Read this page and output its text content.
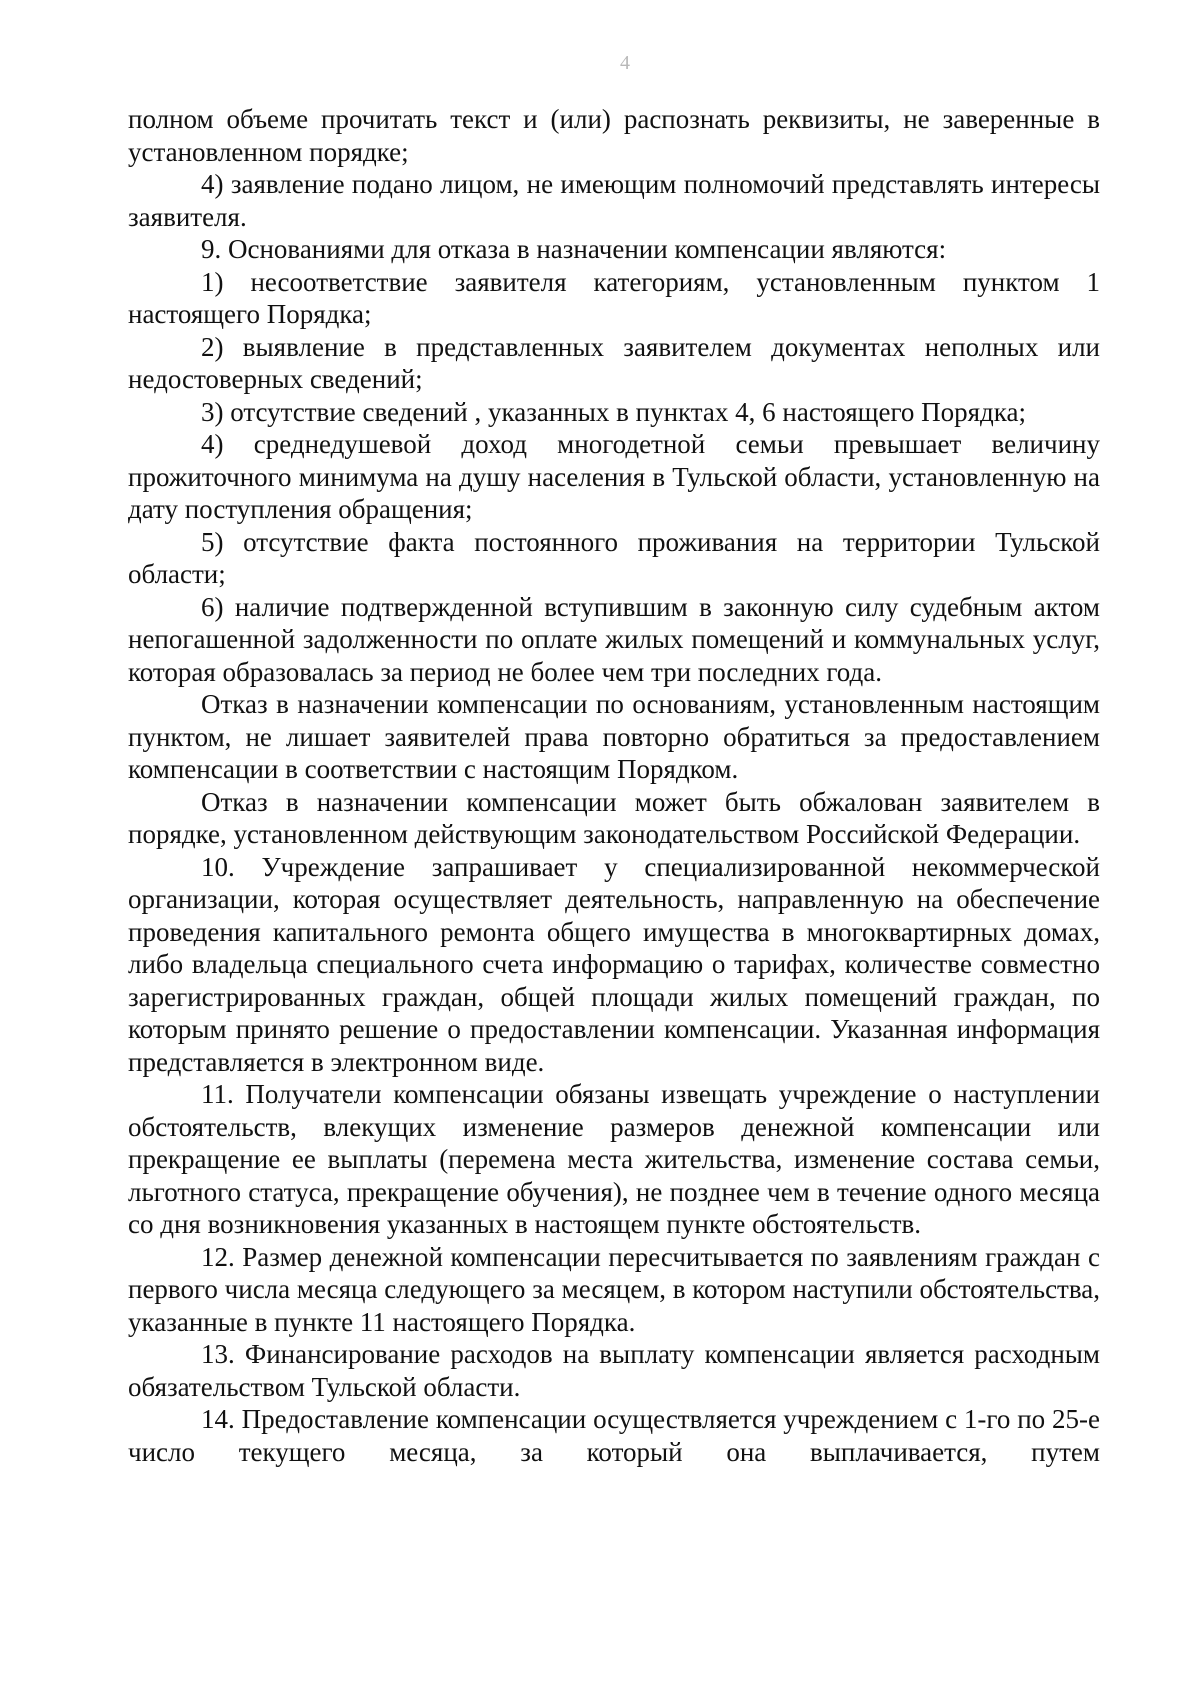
4

полном объеме прочитать текст и (или) распознать реквизиты, не заверенные в установленном порядке;

4) заявление подано лицом, не имеющим полномочий представлять интересы заявителя.

9. Основаниями для отказа в назначении компенсации являются:

1) несоответствие заявителя категориям, установленным пунктом 1 настоящего Порядка;

2) выявление в представленных заявителем документах неполных или недостоверных сведений;

3) отсутствие сведений , указанных в пунктах 4, 6 настоящего Порядка;

4) среднедушевой доход многодетной семьи превышает величину прожиточного минимума на душу населения в Тульской области, установленную на дату поступления обращения;

5) отсутствие факта постоянного проживания на территории Тульской области;

6) наличие подтвержденной вступившим в законную силу судебным актом непогашенной задолженности по оплате жилых помещений и коммунальных услуг, которая образовалась за период не более чем три последних года.

Отказ в назначении компенсации по основаниям, установленным настоящим пунктом, не лишает заявителей права повторно обратиться за предоставлением компенсации в соответствии с настоящим Порядком.

Отказ в назначении компенсации может быть обжалован заявителем в порядке, установленном действующим законодательством Российской Федерации.

10. Учреждение запрашивает у специализированной некоммерческой организации, которая осуществляет деятельность, направленную на обеспечение проведения капитального ремонта общего имущества в многоквартирных домах, либо владельца специального счета информацию о тарифах, количестве совместно зарегистрированных граждан, общей площади жилых помещений граждан, по которым принято решение о предоставлении компенсации. Указанная информация представляется в электронном виде.

11. Получатели компенсации обязаны извещать учреждение о наступлении обстоятельств, влекущих изменение размеров денежной компенсации или прекращение ее выплаты (перемена места жительства, изменение состава семьи, льготного статуса, прекращение обучения), не позднее чем в течение одного месяца со дня возникновения указанных в настоящем пункте обстоятельств.

12. Размер денежной компенсации пересчитывается по заявлениям граждан с первого числа месяца следующего за месяцем, в котором наступили обстоятельства, указанные в пункте 11 настоящего Порядка.

13. Финансирование расходов на выплату компенсации является расходным обязательством Тульской области.

14. Предоставление компенсации осуществляется учреждением с 1-го по 25-е число текущего месяца, за который она выплачивается, путем
